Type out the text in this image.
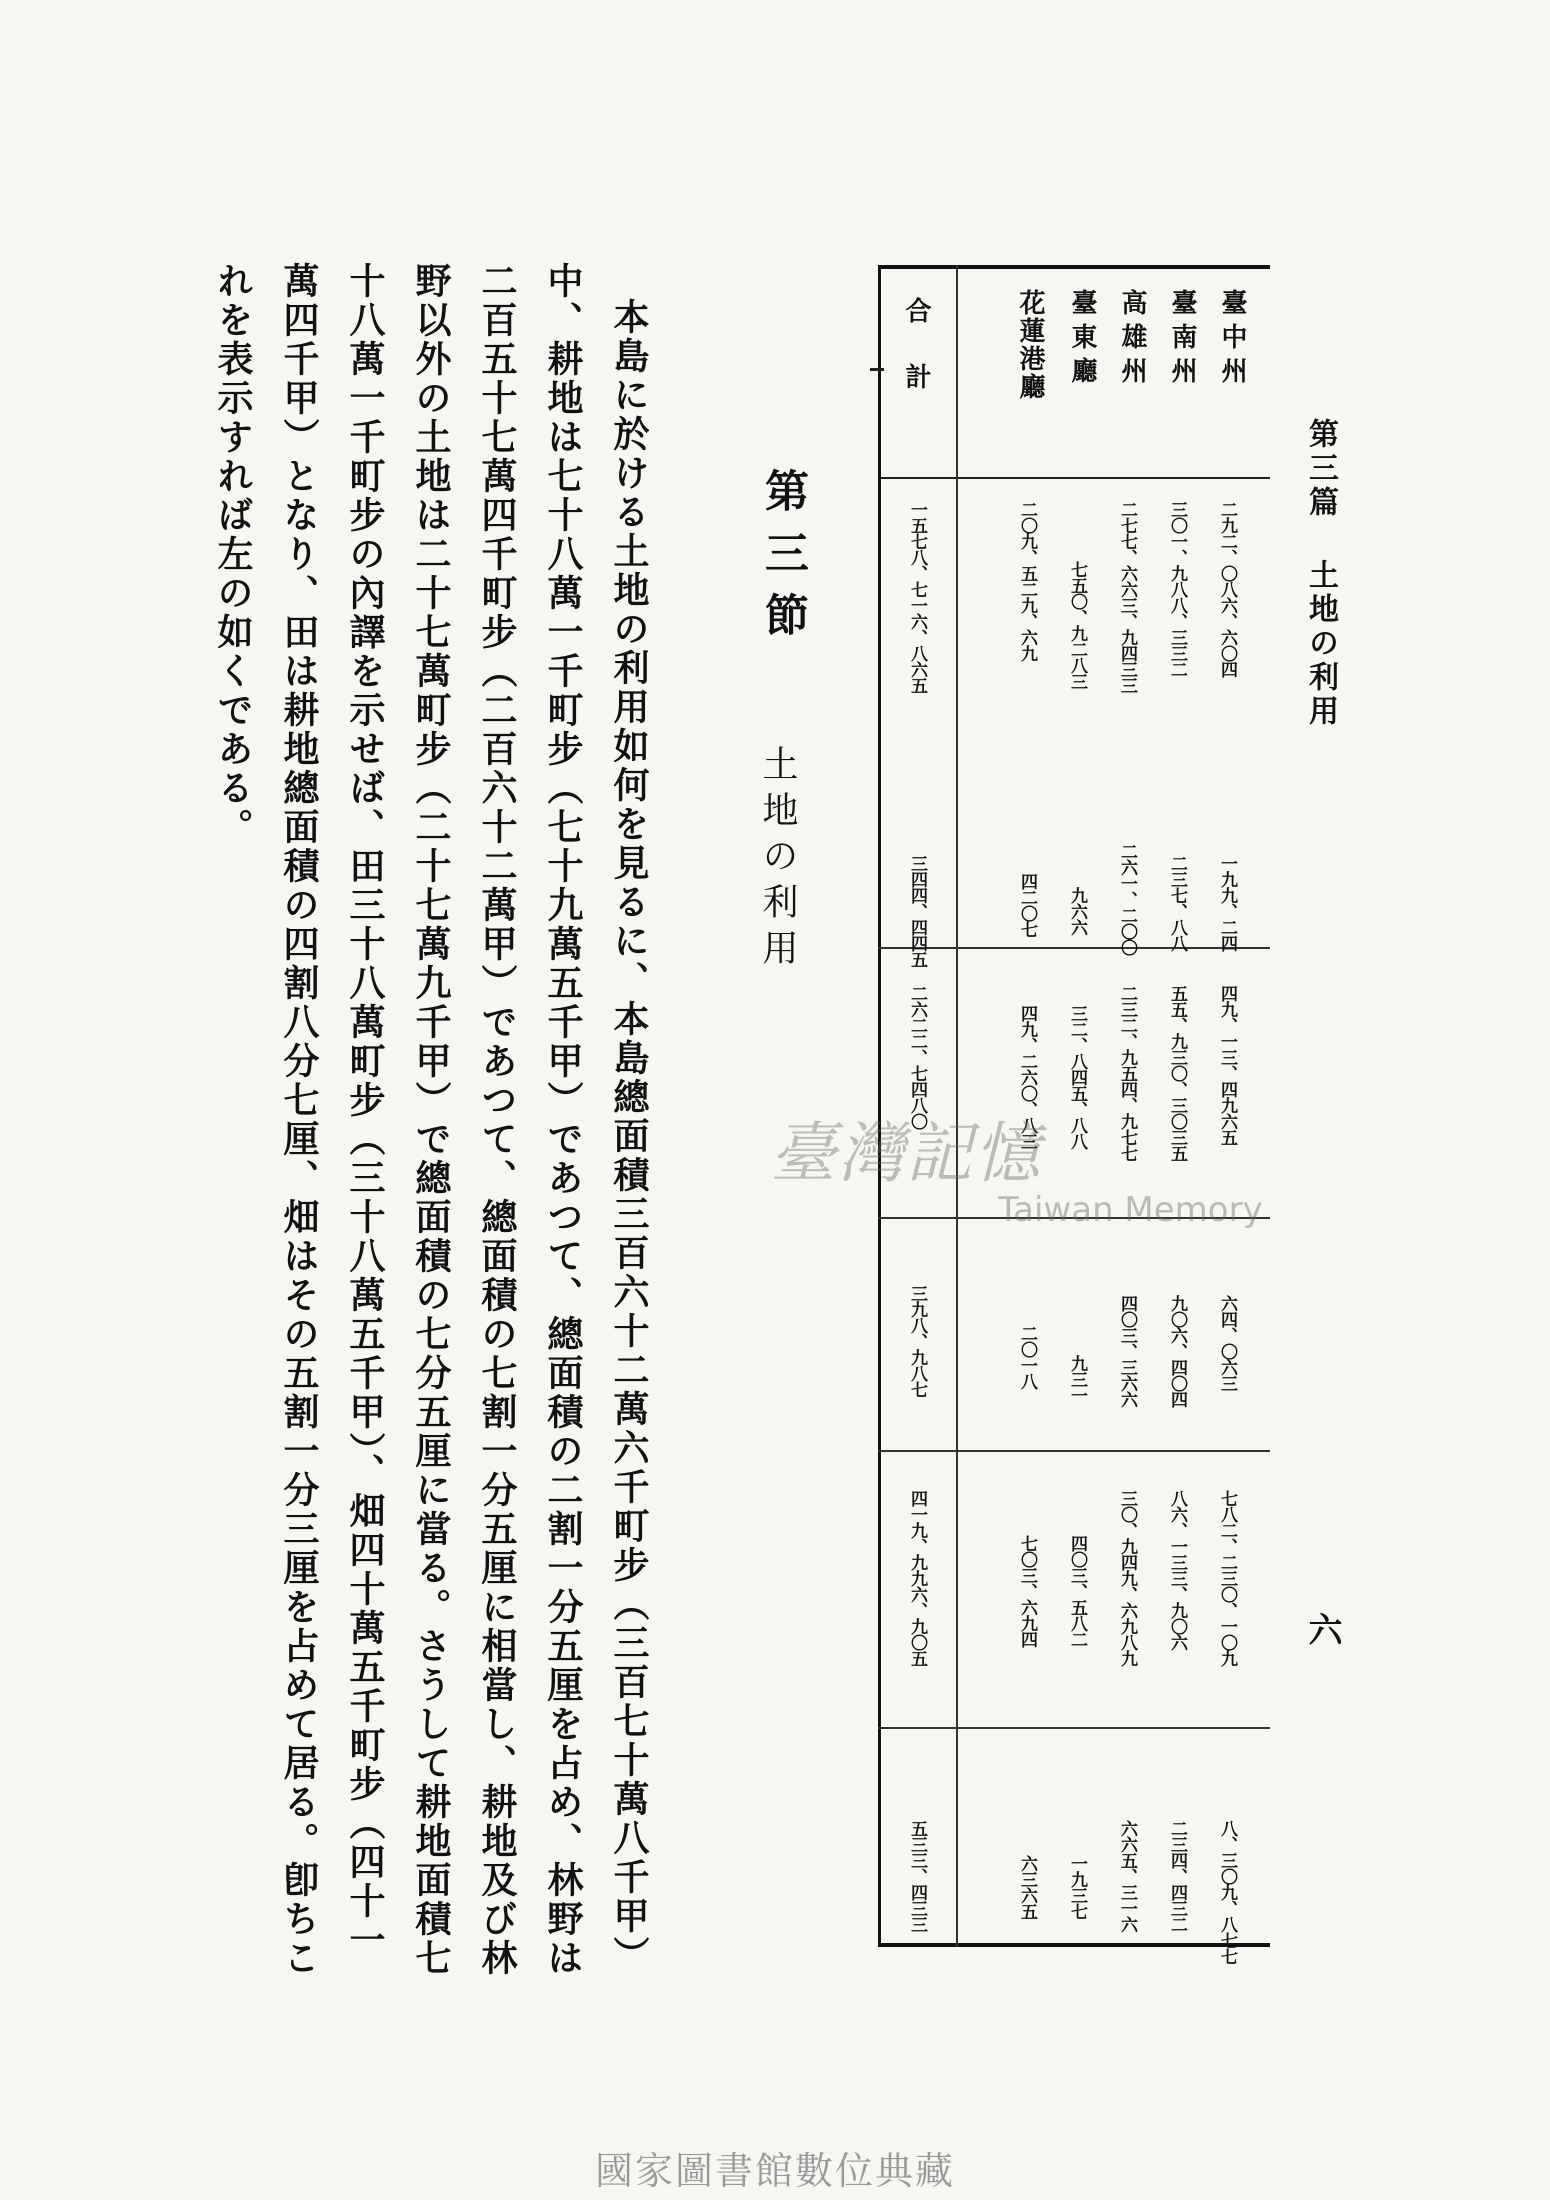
第三篇 土地の利用
六
臺中州
臺南州
高雄州
臺東廳
花蓮港廳
合計
二九二、〇八六、六〇四
三〇一、九八八、三三二
二七七、六六三、九四三三
七五〇、九二八三
二〇九、五二九、六九
一五七八、七一六、八六五
一九九、二四
二三七、八八
二六一、二〇〇
九六六
四二〇七
三四四、四四五
四九、一三、四九六五
五五、九三〇、三〇三五
二三二、九五四、九七七
三二、八四五、八八
四九、二六〇、八三
二六二二、七四八〇
六四、〇六三
九〇六、四〇四
四〇三、三六六
九三一
二〇一八
三九八、九八七
七八二、二三〇、一〇九
八六、一三三、九〇六
三〇、九四九、六九八九
四〇三、五八二
七〇三、六九四
四一九、九九六、九〇五
八、三〇九、八七七
二三四、四三二
六六五、三一六
一九三七
六三六五
五三三、四三三
第三節
土地の利用
本島に於ける土地の利用如何を見るに、本島總面積三百六十二萬六千町步（三百七十萬八千甲）中、耕地は七十八萬一千町步（七十九萬五千甲）であつて、總面積の二割一分五厘を占め、林野は二百五十七萬四千町步（二百六十二萬甲）であつて、總面積の七割一分五厘に相當し、耕地及び林野以外の土地は二十七萬町步（二十七萬九千甲）で總面積の七分五厘に當る。さうして耕地面積七十八萬一千町步の內譯を示せば、田三十八萬町步（三十八萬五千甲）、畑四十萬五千町步（四十一萬四千甲）となり、田は耕地總面積の四割八分七厘、畑はその五割一分三厘を占めて居る。卽ちこれを表示すれば左の如くである。
臺灣記憶
Taiwan Memory
國家圖書館數位典藏
